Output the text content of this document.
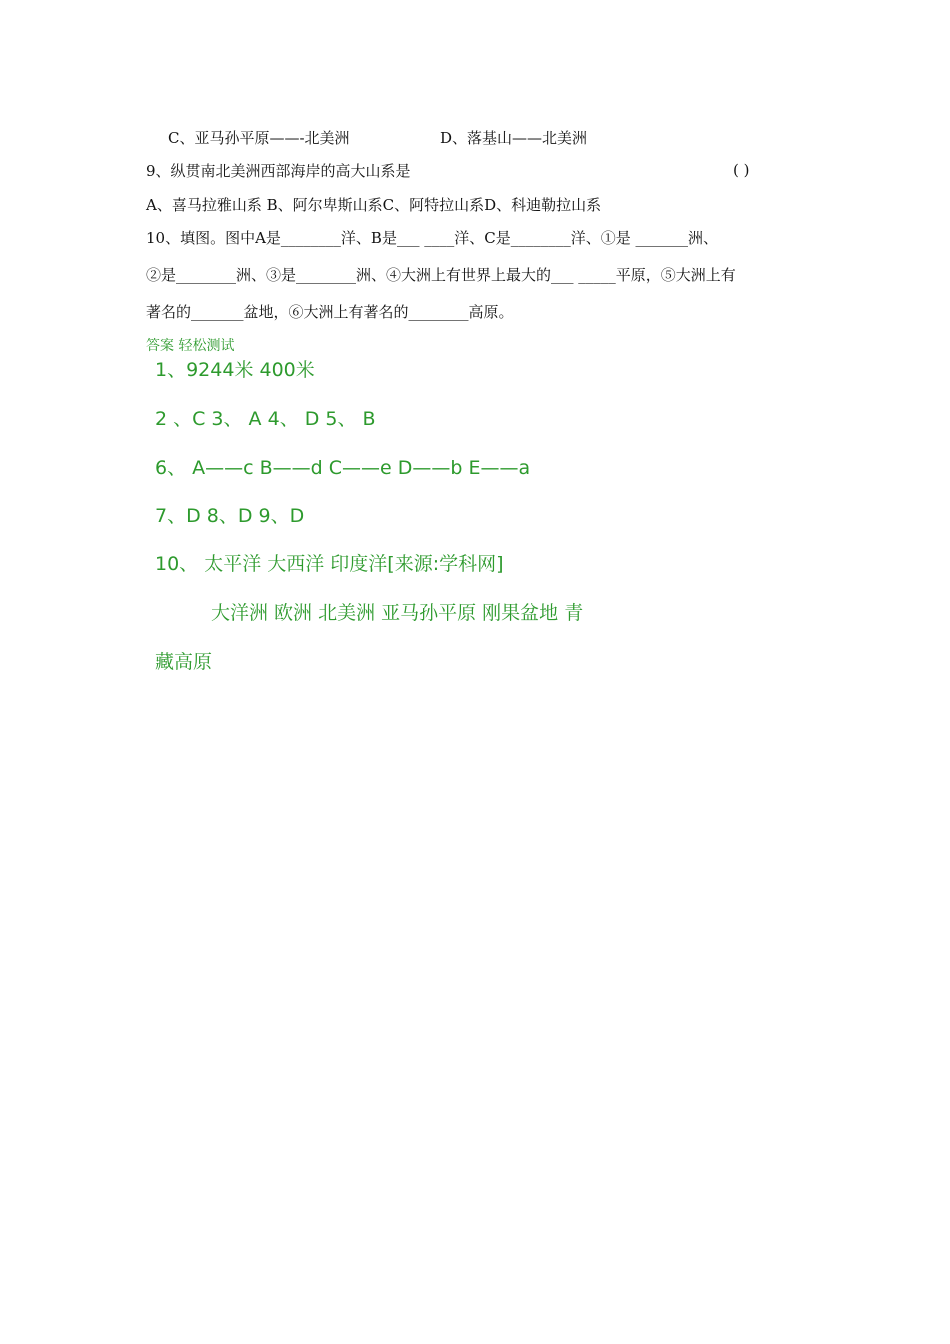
C、亚马孙平原——-北美洲	D、落基山——北美洲
9、纵贯南北美洲西部海岸的高大山系是	( )
A、喜马拉雅山系 B、阿尔卑斯山系C、阿特拉山系D、科迪勒拉山系
10、填图。图中A是________洋、B是___ ____洋、C是________洋、①是 _______洲、
②是________洲、③是________洲、④大洲上有世界上最大的___ _____平原，⑤大洲上有
著名的_______盆地，⑥大洲上有著名的________高原。
答案 轻松测试
1、9244米 400米
2 、C 3、 A 4、 D 5、 B
6、 A——c B——d C——e D——b E——a
7、D 8、D 9、D
10、 太平洋 大西洋 印度洋[来源:学科网]
大洋洲 欧洲 北美洲 亚马孙平原 刚果盆地 青
藏高原
